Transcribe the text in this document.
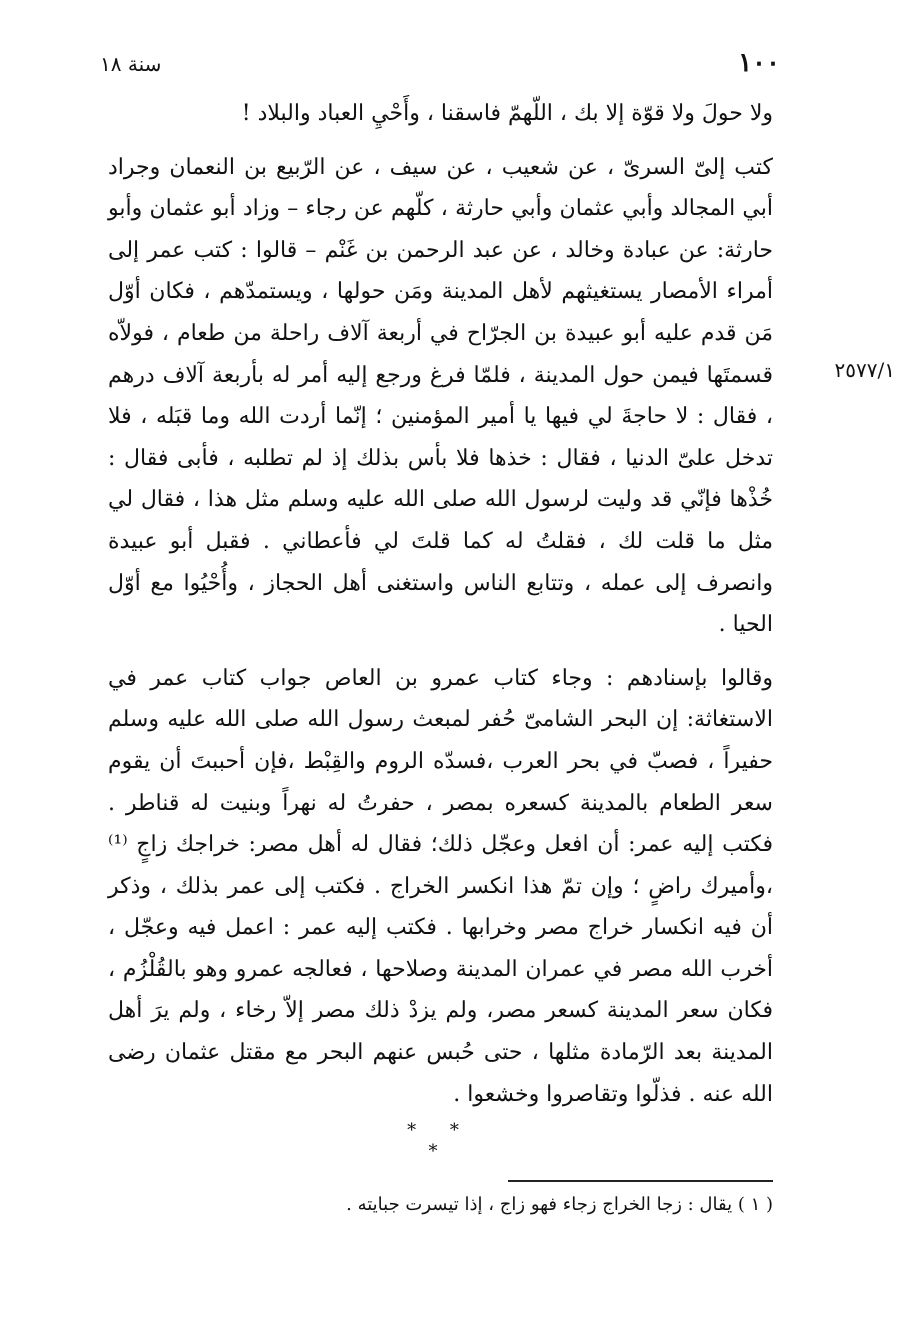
١٠٠
سنة ١٨
٢٥٧٧/١

ولا حولَ ولا قوّة إلا بك ، اللّهمّ فاسقنا ، وأَحْيِ العباد والبلاد !

كتب إلىّ السرىّ ، عن شعيب ، عن سيف ، عن الرّبيع بن النعمان وجراد أبي المجالد وأبي عثمان وأبي حارثة ، كلّهم عن رجاء – وزاد أبو عثمان وأبو حارثة: عن عبادة وخالد ، عن عبد الرحمن بن غَنْم – قالوا : كتب عمر إلى أمراء الأمصار يستغيثهم لأهل المدينة ومَن حولها ، ويستمدّهم ، فكان أوّل مَن قدم عليه أبو عبيدة بن الجرّاح في أربعة آلاف راحلة من طعام ، فولاّه قسمتَها فيمن حول المدينة ، فلمّا فرغ ورجع إليه أمر له بأربعة آلاف درهم ، فقال : لا حاجةَ لي فيها يا أمير المؤمنين ؛ إنّما أردت الله وما قبَله ، فلا تدخل علىّ الدنيا ، فقال : خذها فلا بأس بذلك إذ لم تطلبه ، فأبى فقال : خُذْها فإنّي قد وليت لرسول الله صلى الله عليه وسلم مثل هذا ، فقال لي مثل ما قلت لك ، فقلتُ له كما قلتَ لي فأعطاني . فقبل أبو عبيدة وانصرف إلى عمله ، وتتابع الناس واستغنى أهل الحجاز ، وأُحْيُوا مع أوّل الحيا .

وقالوا بإسنادهم : وجاء كتاب عمرو بن العاص جواب كتاب عمر في الاستغاثة: إن البحر الشامىّ حُفر لمبعث رسول الله صلى الله عليه وسلم حفيراً ، فصبّ في بحر العرب ،فسدّه الروم والقِبْط ،فإن أحببتَ أن يقوم سعر الطعام بالمدينة كسعره بمصر ، حفرتُ له نهراً وبنيت له قناطر . فكتب إليه عمر: أن افعل وعجّل ذلك؛ فقال له أهل مصر: خراجك زاجٍ ⁽¹⁾ ،وأميرك راضٍ ؛ وإن تمّ هذا انكسر الخراج . فكتب إلى عمر بذلك ، وذكر أن فيه انكسار خراج مصر وخرابها . فكتب إليه عمر : اعمل فيه وعجّل ، أخرب الله مصر في عمران المدينة وصلاحها ، فعالجه عمرو وهو بالقُلْزُم ، فكان سعر المدينة كسعر مصر، ولم يزدْ ذلك مصر إلاّ رخاء ، ولم يرَ أهل المدينة بعد الرّمادة مثلها ، حتى حُبس عنهم البحر مع مقتل عثمان رضى الله عنه . فذلّوا وتقاصروا وخشعوا .

* * *
( ١ ) يقال : زجا الخراج زجاء فهو زاج ، إذا تيسرت جبايته .
